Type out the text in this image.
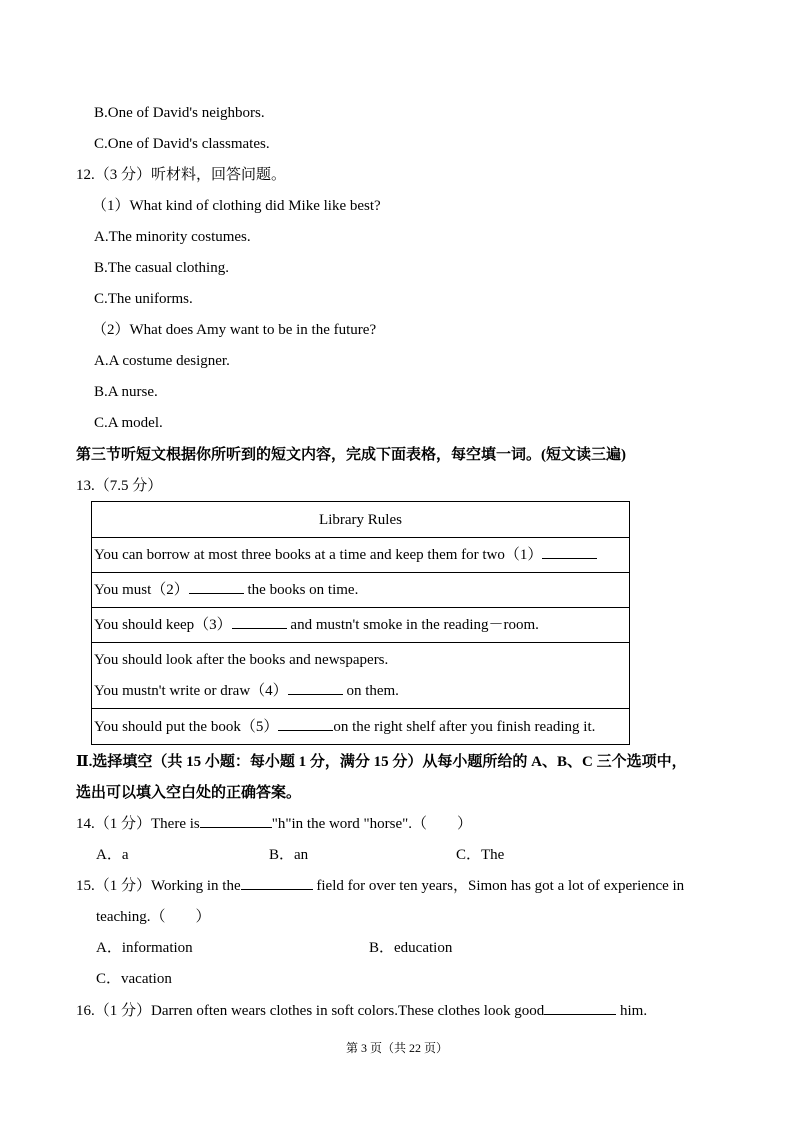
B.One of David's neighbors.
C.One of David's classmates.
12.（3 分）听材料，回答问题。
（1）What kind of clothing did Mike like best?
A.The minority costumes.
B.The casual clothing.
C.The uniforms.
（2）What does Amy want to be in the future?
A.A costume designer.
B.A nurse.
C.A model.
第三节听短文根据你所听到的短文内容，完成下面表格，每空填一词。(短文读三遍)
13.（7.5 分）
Library Rules
You can borrow at most three books at a time and keep them for two（1）
You must（2）	the books on time.
You should keep（3）	and mustn't smoke in the reading－room.

You should look after the books and newspapers.
You mustn't write or draw（4）	on them.

You should put the book（5）	on the right shelf after you finish reading it.
Ⅱ.选择填空（共 15 小题：每小题 1 分，满分 15 分）从每小题所给的 A、B、C 三个选项中，
选出可以填入空白处的正确答案。
14.（1 分）There is	"h"in the word "horse".（　　）
A．a	B．an	C．The
15.（1 分）Working in the	field for over ten years，Simon has got a lot of experience in
teaching.（　　）
A．information	B．education
C．vacation
16.（1 分）Darren often wears clothes in soft colors.These clothes look good	him.
第 3 页（共 22 页）
